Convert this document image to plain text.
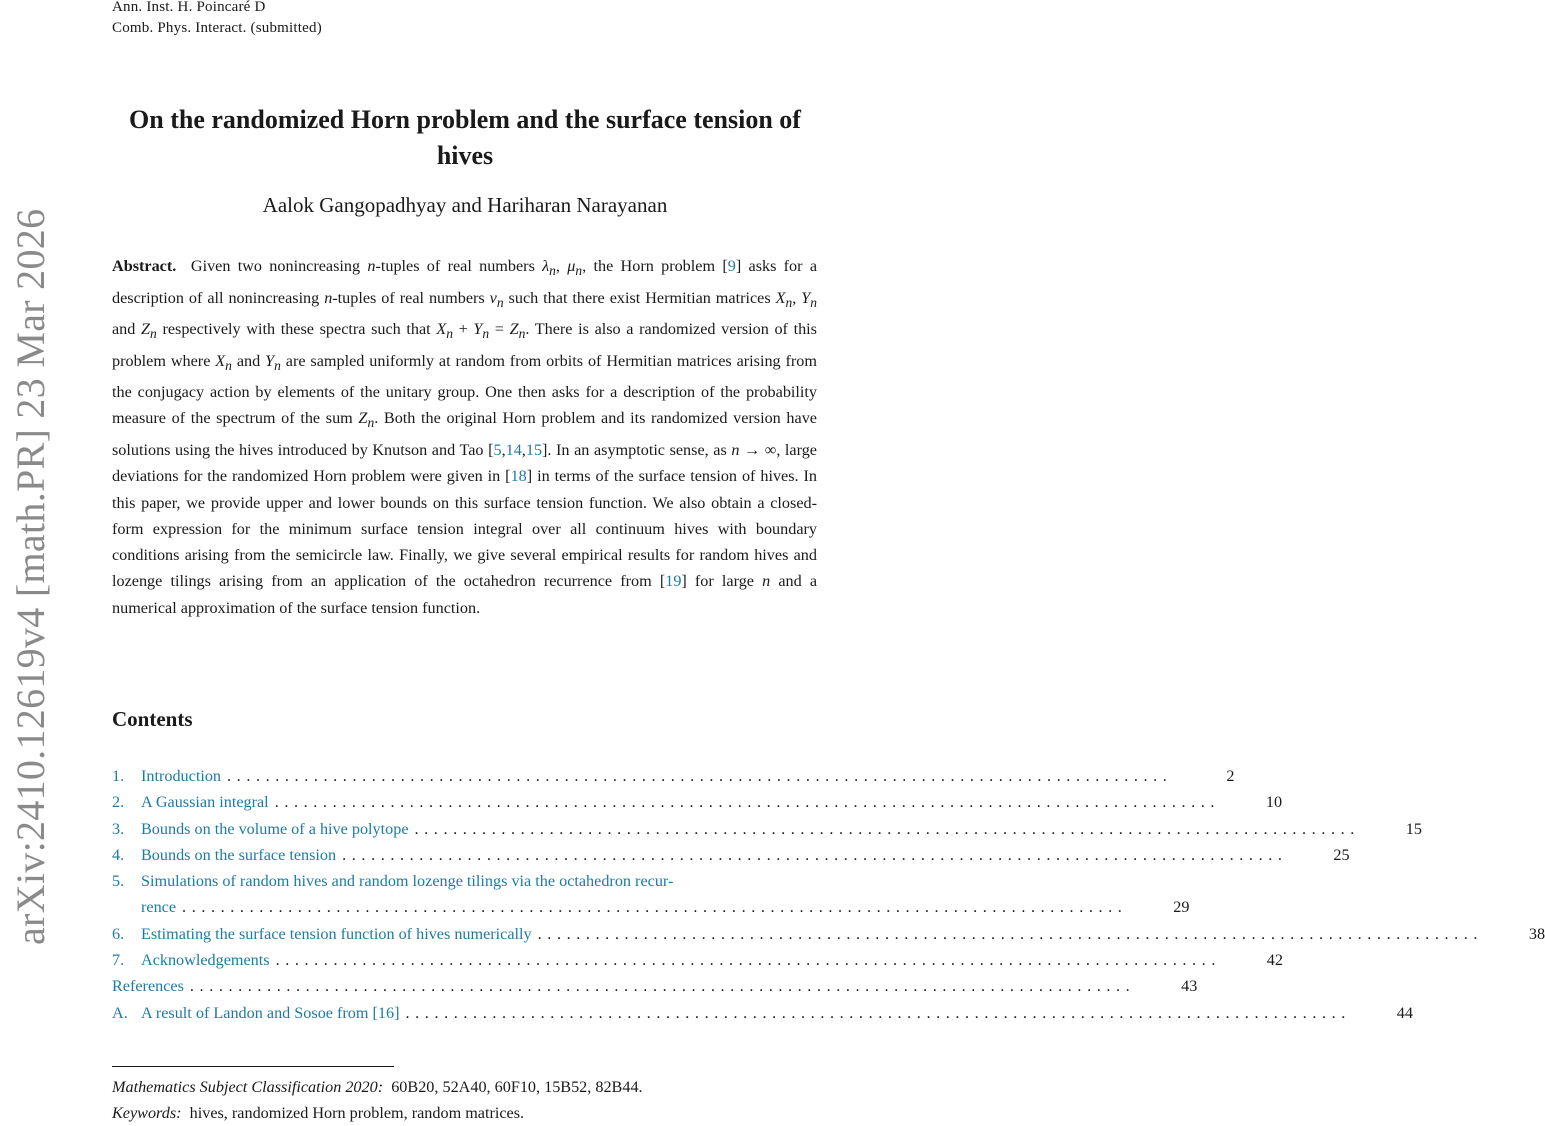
Ann. Inst. H. Poincaré D
Comb. Phys. Interact. (submitted)
arXiv:2410.12619v4 [math.PR] 23 Mar 2026
On the randomized Horn problem and the surface tension of hives
Aalok Gangopadhyay and Hariharan Narayanan
Abstract. Given two nonincreasing n-tuples of real numbers $\lambda_n$, $\mu_n$, the Horn problem [9] asks for a description of all nonincreasing n-tuples of real numbers $\nu_n$ such that there exist Hermitian matrices $X_n$, $Y_n$ and $Z_n$ respectively with these spectra such that $X_n + Y_n = Z_n$. There is also a randomized version of this problem where $X_n$ and $Y_n$ are sampled uniformly at random from orbits of Hermitian matrices arising from the conjugacy action by elements of the unitary group. One then asks for a description of the probability measure of the spectrum of the sum $Z_n$. Both the original Horn problem and its randomized version have solutions using the hives introduced by Knutson and Tao [5,14,15]. In an asymptotic sense, as n → ∞, large deviations for the randomized Horn problem were given in [18] in terms of the surface tension of hives. In this paper, we provide upper and lower bounds on this surface tension function. We also obtain a closed-form expression for the minimum surface tension integral over all continuum hives with boundary conditions arising from the semicircle law. Finally, we give several empirical results for random hives and lozenge tilings arising from an application of the octahedron recurrence from [19] for large n and a numerical approximation of the surface tension function.
Contents
1.	Introduction ..................................................................................................	2
2.	A Gaussian integral ..................................................................................................	10
3.	Bounds on the volume of a hive polytope ..................................................................................................	15
4.	Bounds on the surface tension ..................................................................................................	25
5.	Simulations of random hives and random lozenge tilings via the octahedron recur-
rence ..................................................................................................	29
6.	Estimating the surface tension function of hives numerically ..................................................................................................	38
7.	Acknowledgements ..................................................................................................	42
References ..................................................................................................	43
A. A result of Landon and Sosoe from [16] ..................................................................................................	44
Mathematics Subject Classification 2020: 60B20, 52A40, 60F10, 15B52, 82B44.
Keywords: hives, randomized Horn problem, random matrices.
